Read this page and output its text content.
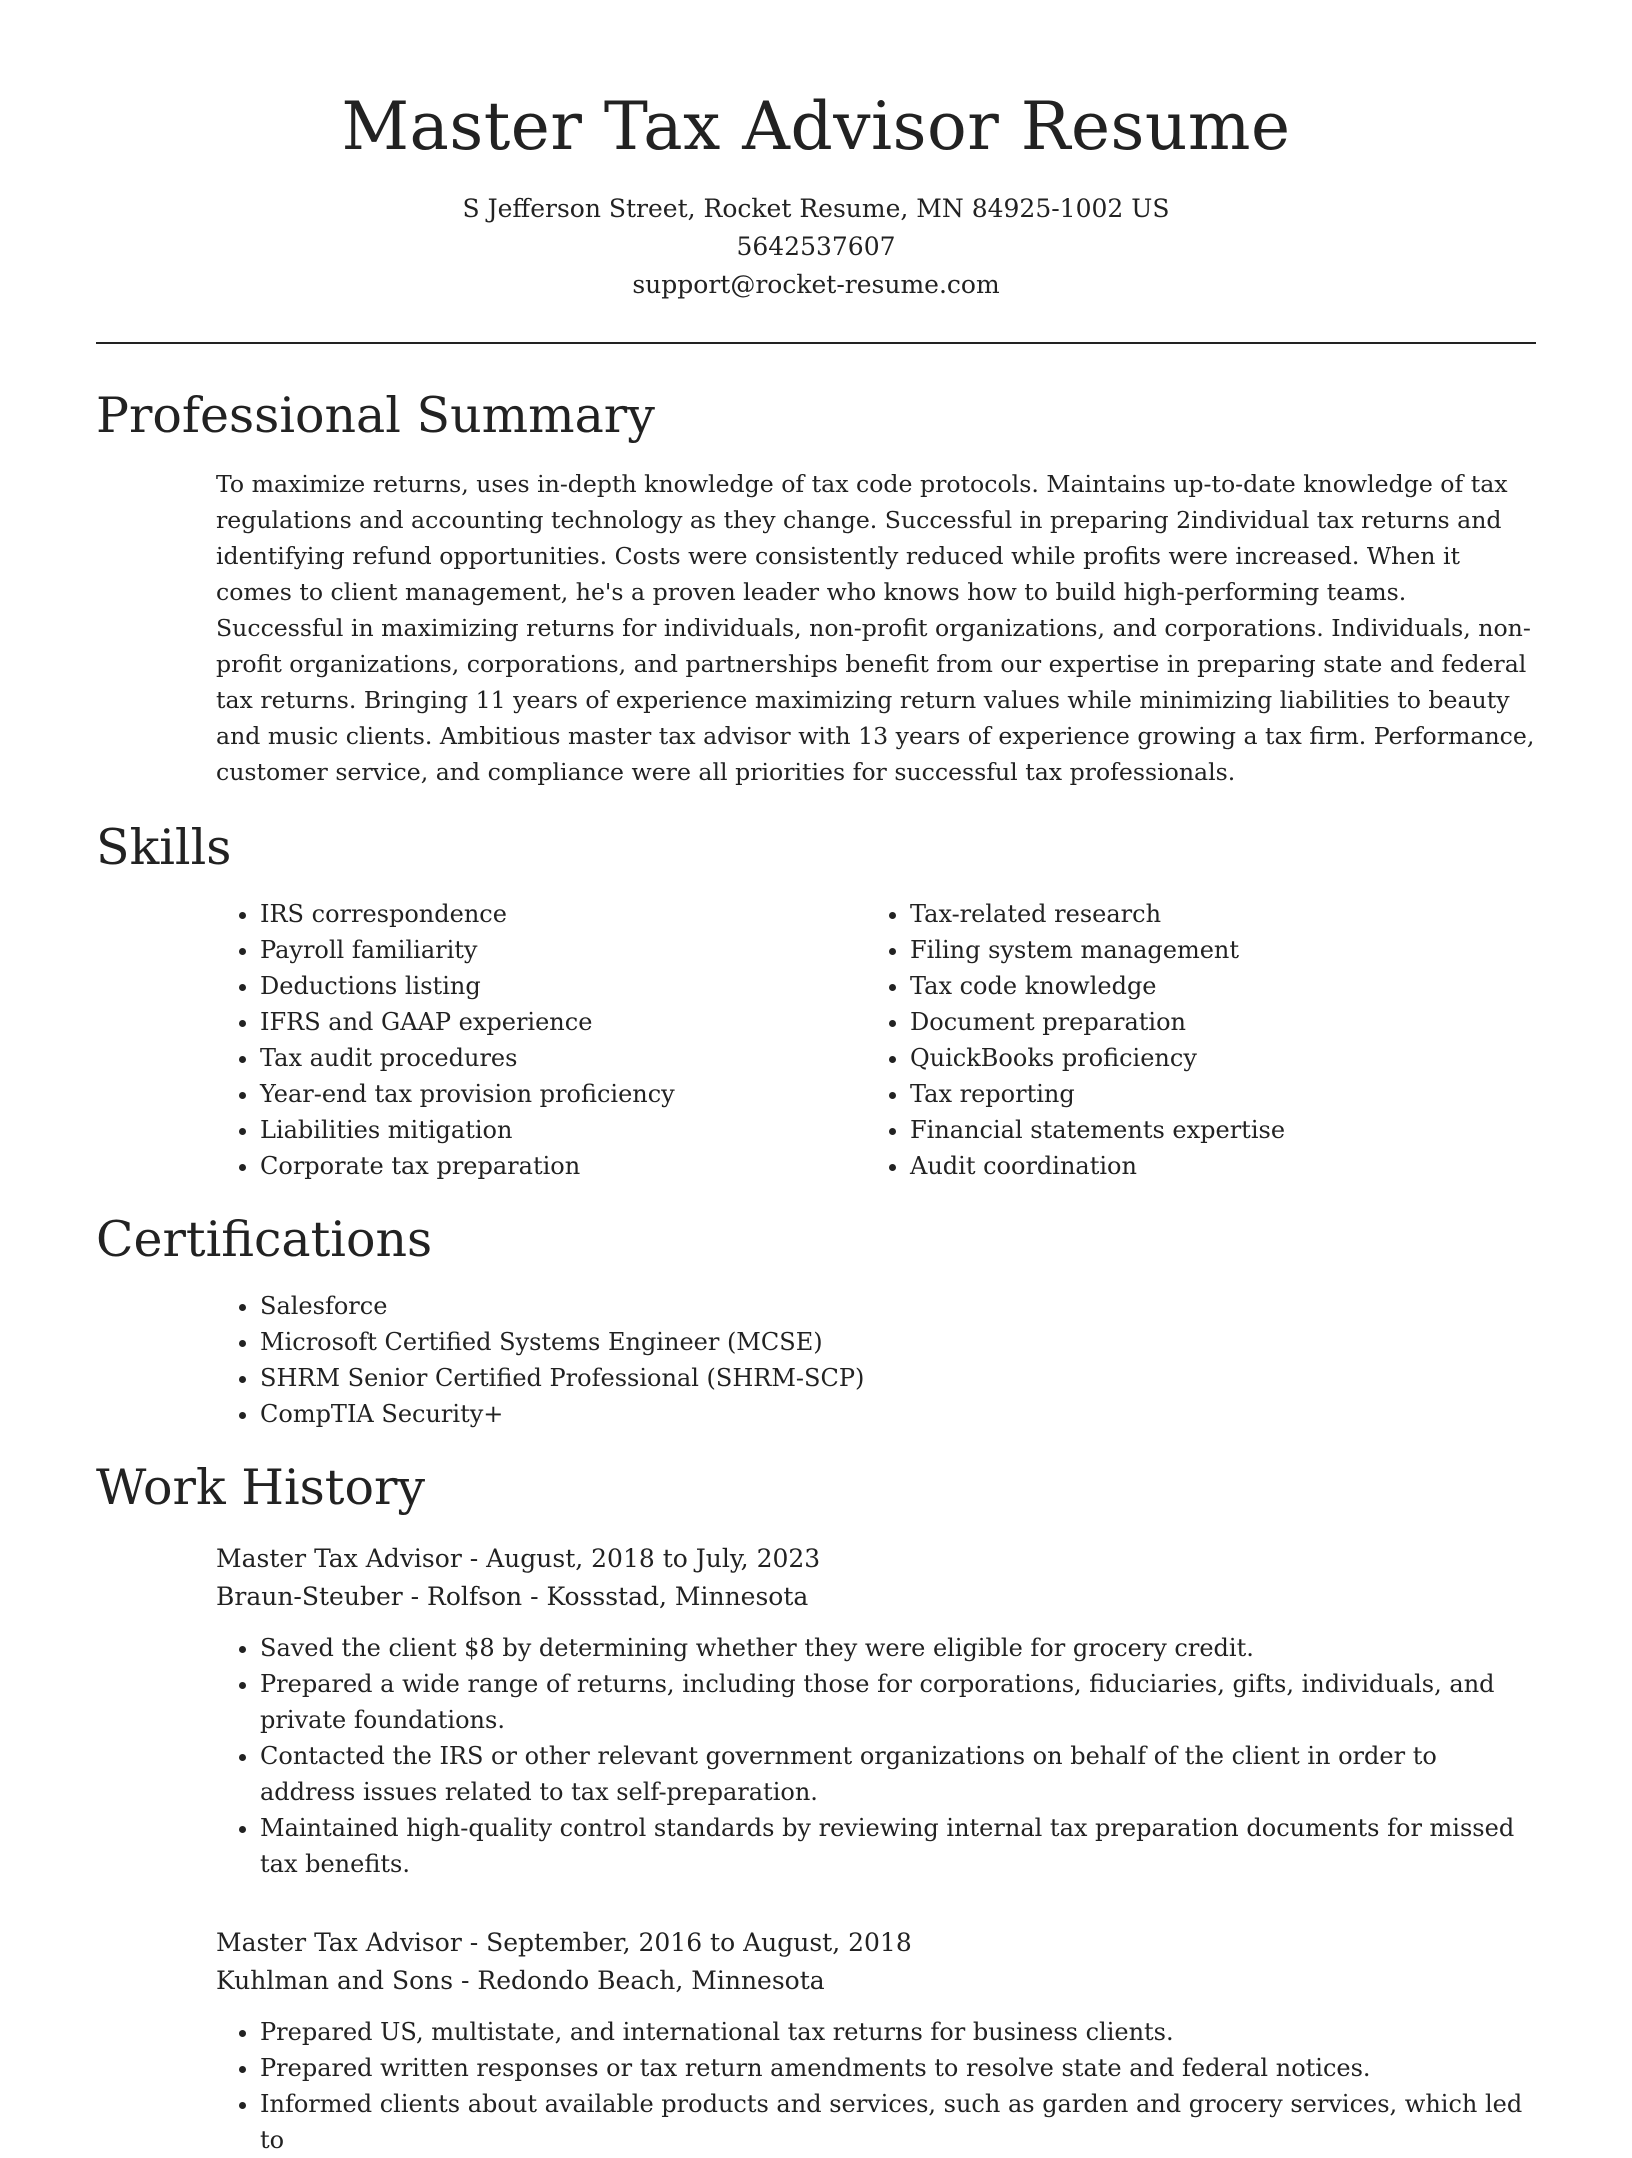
Master Tax Advisor Resume
S Jefferson Street, Rocket Resume, MN 84925-1002 US
5642537607
support@rocket-resume.com
Professional Summary

To maximize returns, uses in-depth knowledge of tax code protocols. Maintains up-to-date knowledge of tax regulations and accounting technology as they change. Successful in preparing 2individual tax returns and identifying refund opportunities. Costs were consistently reduced while profits were increased. When it comes to client management, he's a proven leader who knows how to build high-performing teams. Successful in maximizing returns for individuals, non-profit organizations, and corporations. Individuals, non-profit organizations, corporations, and partnerships benefit from our expertise in preparing state and federal tax returns. Bringing 11 years of experience maximizing return values while minimizing liabilities to beauty and music clients. Ambitious master tax advisor with 13 years of experience growing a tax firm. Performance, customer service, and compliance were all priorities for successful tax professionals.

Skills
• IRS correspondence
• Payroll familiarity
• Deductions listing
• IFRS and GAAP experience
• Tax audit procedures
• Year-end tax provision proficiency
• Liabilities mitigation
• Corporate tax preparation
• Tax-related research
• Filing system management
• Tax code knowledge
• Document preparation
• QuickBooks proficiency
• Tax reporting
• Financial statements expertise
• Audit coordination
Certifications
• Salesforce
• Microsoft Certified Systems Engineer (MCSE)
• SHRM Senior Certified Professional (SHRM-SCP)
• CompTIA Security+
Work History
Master Tax Advisor - August, 2018 to July, 2023
Braun-Steuber - Rolfson - Kossstad, Minnesota
• Saved the client $8 by determining whether they were eligible for grocery credit.
• Prepared a wide range of returns, including those for corporations, fiduciaries, gifts, individuals, and private foundations.
• Contacted the IRS or other relevant government organizations on behalf of the client in order to address issues related to tax self-preparation.
• Maintained high-quality control standards by reviewing internal tax preparation documents for missed tax benefits.
Master Tax Advisor - September, 2016 to August, 2018
Kuhlman and Sons - Redondo Beach, Minnesota
• Prepared US, multistate, and international tax returns for business clients.
• Prepared written responses or tax return amendments to resolve state and federal notices.
• Informed clients about available products and services, such as garden and grocery services, which led to
